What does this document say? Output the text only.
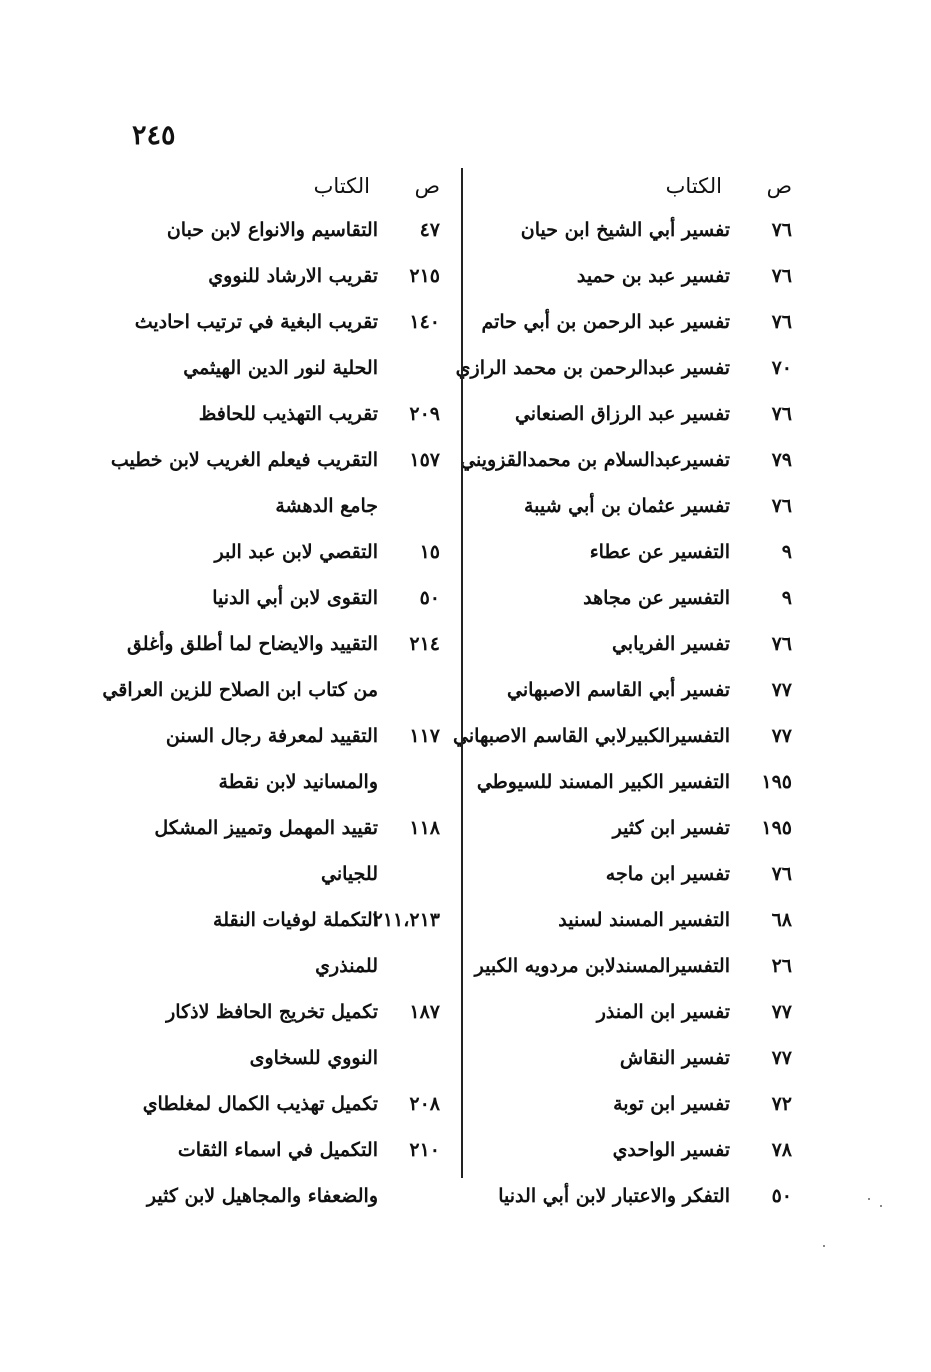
٢٤٥
ص
الكتاب
٧٦
تفسير أبي الشيخ ابن حيان
٧٦
تفسير عبد بن حميد
٧٦
تفسير عبد الرحمن بن أبي حاتم
٧٠
تفسير عبدالرحمن بن محمد الرازي
٧٦
تفسير عبد الرزاق الصنعاني
٧٩
تفسيرعبدالسلام بن محمدالقزويني
٧٦
تفسير عثمان بن أبي شيبة
٩
التفسير عن عطاء
٩
التفسير عن مجاهد
٧٦
تفسير الفريابي
٧٧
تفسير أبي القاسم الاصبهاني
٧٧
التفسيرالكبيرلابي القاسم الاصبهاني
١٩٥
التفسير الكبير المسند للسيوطي
١٩٥
تفسير ابن كثير
٧٦
تفسير ابن ماجه
٦٨
التفسير المسند لسنيد
٢٦
التفسيرالمسندلابن مردويه الكبير
٧٧
تفسير ابن المنذر
٧٧
تفسير النقاش
٧٢
تفسير ابن توبة
٧٨
تفسير الواحدي
٥٠
التفكر والاعتبار لابن أبي الدنيا
ص
الكتاب
٤٧
التقاسيم والانواع لابن حبان
٢١٥
تقريب الارشاد للنووي
١٤٠
تقريب البغية في ترتيب احاديث
الحلية لنور الدين الهيثمي
٢٠٩
تقريب التهذيب للحافظ
١٥٧
التقريب فيعلم الغريب لابن خطيب
جامع الدهشة
١٥
التقصي لابن عبد البر
٥٠
التقوى لابن أبي الدنيا
٢١٤
التقييد والايضاح لما أطلق وأغلق
من كتاب ابن الصلاح للزين العراقي
١١٧
التقييد لمعرفة رجال السنن
والمسانيد لابن نقطة
١١٨
تقييد المهمل وتمييز المشكل
للجياني
٢١١،٢١٣
التكملة لوفيات النقلة
للمنذري
١٨٧
تكميل تخريج الحافظ لاذكار
النووي للسخاوى
٢٠٨
تكميل تهذيب الكمال لمغلطاي
٢١٠
التكميل في اسماء الثقات
والضعفاء والمجاهيل لابن كثير
